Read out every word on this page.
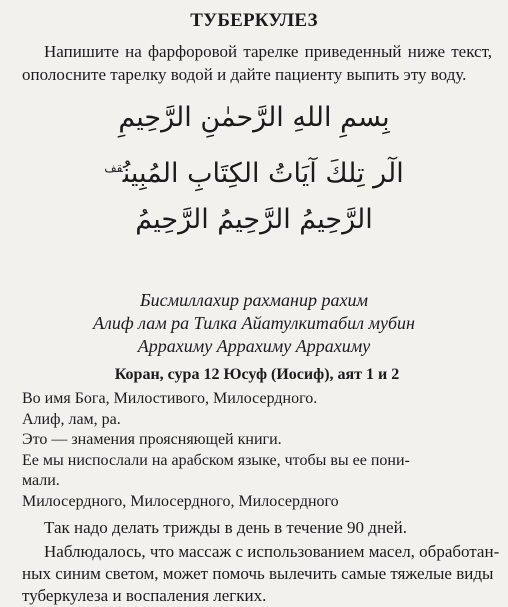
ТУБЕРКУЛЕЗ

Напишите на фарфоровой тарелке приведенный ниже текст, ополосните тарелку водой и дайте пациенту выпить эту воду.

بِسمِ اللهِ الرَّحمٰنِ الرَّحِيمِ
الٓر تِلكَ آيَاتُ الكِتَابِ المُبِينُ$^{قف}$
الرَّحِيمُ الرَّحِيمُ الرَّحِيمُ
Бисмиллахир рахманир рахим
Алиф лам ра Тилка Айатулкитабил мубин
Аррахиму Аррахиму Аррахиму
Коран, сура 12 Юсуф (Иосиф), аят 1 и 2
Во имя Бога, Милостивого, Милосердного.
Алиф, лам, ра.
Это — знамения проясняющей книги.
Ее мы ниспослали на арабском языке, чтобы вы ее пони-
мали.
Милосердного, Милосердного, Милосердного

Так надо делать трижды в день в течение 90 дней.

Наблюдалось, что массаж с использованием масел, обработан-
ных синим светом, может помочь вылечить самые тяжелые виды
туберкулеза и воспаления легких.
